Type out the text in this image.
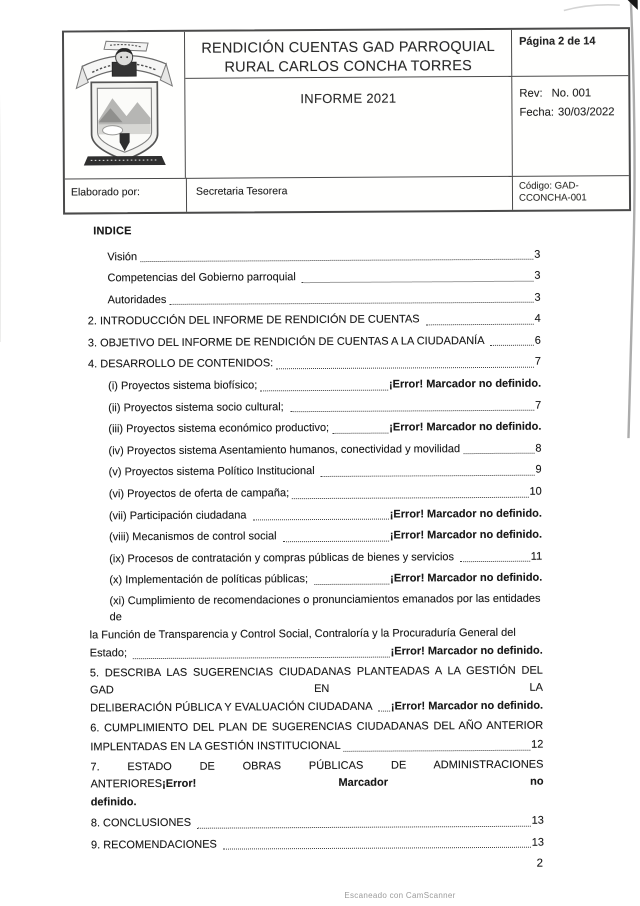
RENDICIÓN CUENTAS GAD PARROQUIAL
RURAL CARLOS CONCHA TORRES
Página 2 de 14
INFORME 2021	Rev: No. 001
Fecha: 30/03/2022
Elaborado por:	Secretaria Tesorera	Código: GAD-CCONCHA-001
INDICE
Visión	3
Competencias del Gobierno parroquial	3
Autoridades	3
2. INTRODUCCIÓN DEL INFORME DE RENDICIÓN DE CUENTAS	4
3. OBJETIVO DEL INFORME DE RENDICIÓN DE CUENTAS A LA CIUDADANÍA	6
4. DESARROLLO DE CONTENIDOS:	7
(i) Proyectos sistema biofísico;	¡Error! Marcador no definido.
(ii) Proyectos sistema socio cultural;	7
(iii) Proyectos sistema económico productivo;	¡Error! Marcador no definido.
(iv) Proyectos sistema Asentamiento humanos, conectividad y movilidad	8
(v) Proyectos sistema Político Institucional	9
(vi) Proyectos de oferta de campaña;	10
(vii) Participación ciudadana	¡Error! Marcador no definido.
(viii) Mecanismos de control social	¡Error! Marcador no definido.
(ix) Procesos de contratación y compras públicas de bienes y servicios	11
(x) Implementación de políticas públicas;	¡Error! Marcador no definido.
(xi) Cumplimiento de recomendaciones o pronunciamientos emanados por las entidades de
la Función de Transparencia y Control Social, Contraloría y la Procuraduría General del
Estado;	¡Error! Marcador no definido.
5. DESCRIBA LAS SUGERENCIAS CIUDADANAS PLANTEADAS A LA GESTIÓN DEL GAD EN LA
DELIBERACIÓN PÚBLICA Y EVALUACIÓN CIUDADANA ¡Error! Marcador no definido.
6. CUMPLIMIENTO DEL PLAN DE SUGERENCIAS CIUDADANAS DEL AÑO ANTERIOR
IMPLENTADAS EN LA GESTIÓN INSTITUCIONAL	12
7. ESTADO DE OBRAS PÚBLICAS DE ADMINISTRACIONES ANTERIORES¡Error! Marcador no
definido.
8. CONCLUSIONES	13
9. RECOMENDACIONES	13
2
Escaneado con CamScanner
